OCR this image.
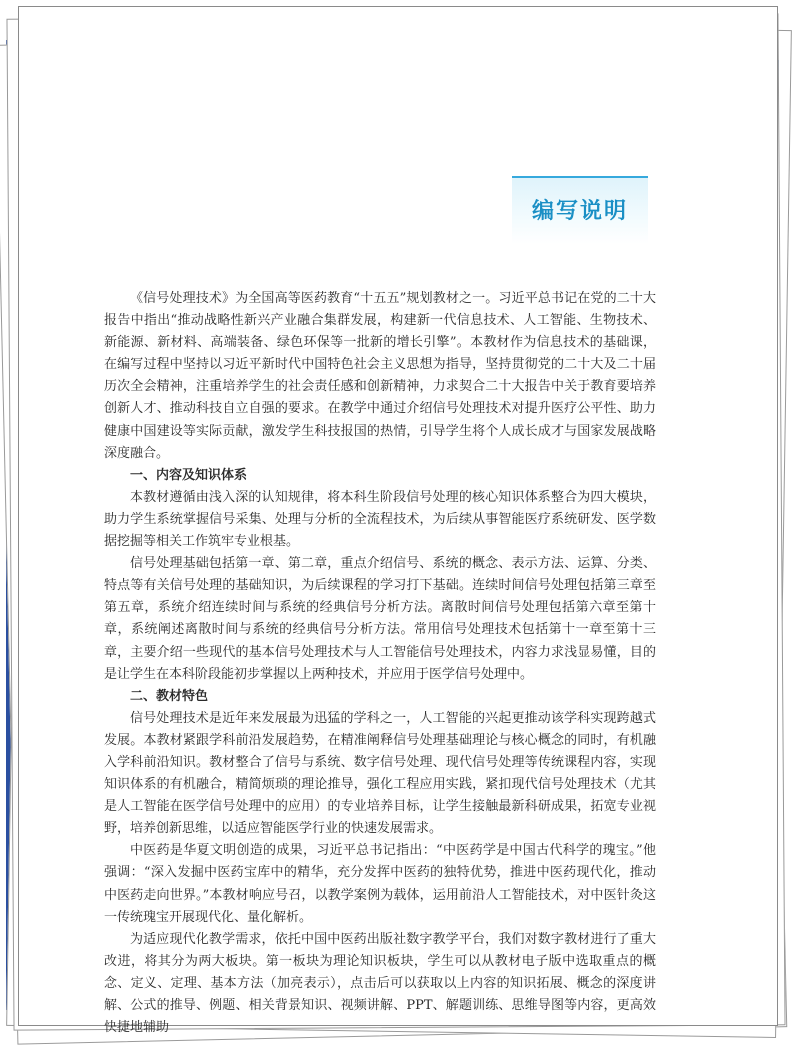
编写说明

《信号处理技术》为全国高等医药教育“十五五”规划教材之一。习近平总书记在党的二十大报告中指出“推动战略性新兴产业融合集群发展，构建新一代信息技术、人工智能、生物技术、新能源、新材料、高端装备、绿色环保等一批新的增长引擎”。本教材作为信息技术的基础课，在编写过程中坚持以习近平新时代中国特色社会主义思想为指导，坚持贯彻党的二十大及二十届历次全会精神，注重培养学生的社会责任感和创新精神，力求契合二十大报告中关于教育要培养创新人才、推动科技自立自强的要求。在教学中通过介绍信号处理技术对提升医疗公平性、助力健康中国建设等实际贡献，激发学生科技报国的热情，引导学生将个人成长成才与国家发展战略深度融合。

一、内容及知识体系

本教材遵循由浅入深的认知规律，将本科生阶段信号处理的核心知识体系整合为四大模块，助力学生系统掌握信号采集、处理与分析的全流程技术，为后续从事智能医疗系统研发、医学数据挖掘等相关工作筑牢专业根基。

信号处理基础包括第一章、第二章，重点介绍信号、系统的概念、表示方法、运算、分类、特点等有关信号处理的基础知识，为后续课程的学习打下基础。连续时间信号处理包括第三章至第五章，系统介绍连续时间与系统的经典信号分析方法。离散时间信号处理包括第六章至第十章，系统阐述离散时间与系统的经典信号分析方法。常用信号处理技术包括第十一章至第十三章，主要介绍一些现代的基本信号处理技术与人工智能信号处理技术，内容力求浅显易懂，目的是让学生在本科阶段能初步掌握以上两种技术，并应用于医学信号处理中。

二、教材特色

信号处理技术是近年来发展最为迅猛的学科之一，人工智能的兴起更推动该学科实现跨越式发展。本教材紧跟学科前沿发展趋势，在精准阐释信号处理基础理论与核心概念的同时，有机融入学科前沿知识。教材整合了信号与系统、数字信号处理、现代信号处理等传统课程内容，实现知识体系的有机融合，精简烦琐的理论推导，强化工程应用实践，紧扣现代信号处理技术（尤其是人工智能在医学信号处理中的应用）的专业培养目标，让学生接触最新科研成果，拓宽专业视野，培养创新思维，以适应智能医学行业的快速发展需求。

中医药是华夏文明创造的成果，习近平总书记指出：“中医药学是中国古代科学的瑰宝。”他强调：“深入发掘中医药宝库中的精华，充分发挥中医药的独特优势，推进中医药现代化，推动中医药走向世界。”本教材响应号召，以教学案例为载体，运用前沿人工智能技术，对中医针灸这一传统瑰宝开展现代化、量化解析。

为适应现代化教学需求，依托中国中医药出版社数字教学平台，我们对数字教材进行了重大改进，将其分为两大板块。第一板块为理论知识板块，学生可以从教材电子版中选取重点的概念、定义、定理、基本方法（加亮表示），点击后可以获取以上内容的知识拓展、概念的深度讲解、公式的推导、例题、相关背景知识、视频讲解、PPT、解题训练、思维导图等内容，更高效快捷地辅助
